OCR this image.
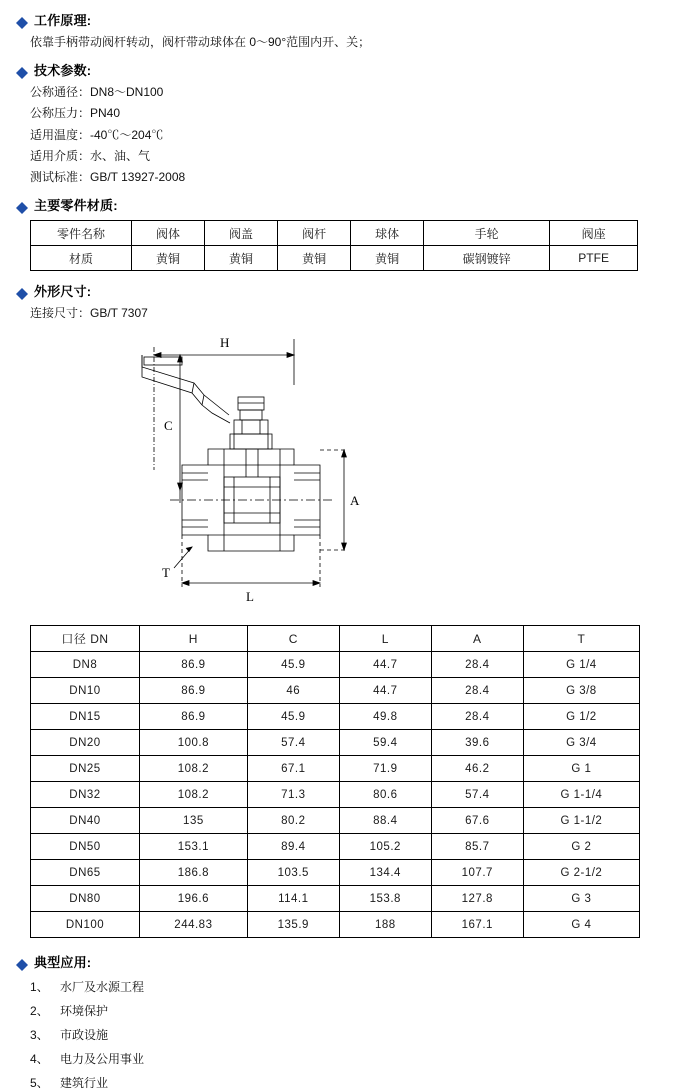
工作原理:
依靠手柄带动阀杆转动，阀杆带动球体在 0～90°范围内开、关；
技术参数:
公称通径：DN8～DN100
公称压力：PN40
适用温度：-40℃～204℃
适用介质：水、油、气
测试标准：GB/T 13927-2008
主要零件材质:
零件名称	阀体	阀盖	阀杆	球体	手轮	阀座
材质	黄铜	黄铜	黄铜	黄铜	碳钢镀锌	PTFE
外形尺寸:
连接尺寸：GB/T 7307
H
C
A
L
T
口径 DN	H	C	L	A	T
DN8	86.9	45.9	44.7	28.4	G 1/4
DN10	86.9	46	44.7	28.4	G 3/8
DN15	86.9	45.9	49.8	28.4	G 1/2
DN20	100.8	57.4	59.4	39.6	G 3/4
DN25	108.2	67.1	71.9	46.2	G 1
DN32	108.2	71.3	80.6	57.4	G 1-1/4
DN40	135	80.2	88.4	67.6	G 1-1/2
DN50	153.1	89.4	105.2	85.7	G 2
DN65	186.8	103.5	134.4	107.7	G 2-1/2
DN80	196.6	114.1	153.8	127.8	G 3
DN100	244.83	135.9	188	167.1	G 4
典型应用:
1、 水厂及水源工程
2、 环境保护
3、 市政设施
4、 电力及公用事业
5、 建筑行业
